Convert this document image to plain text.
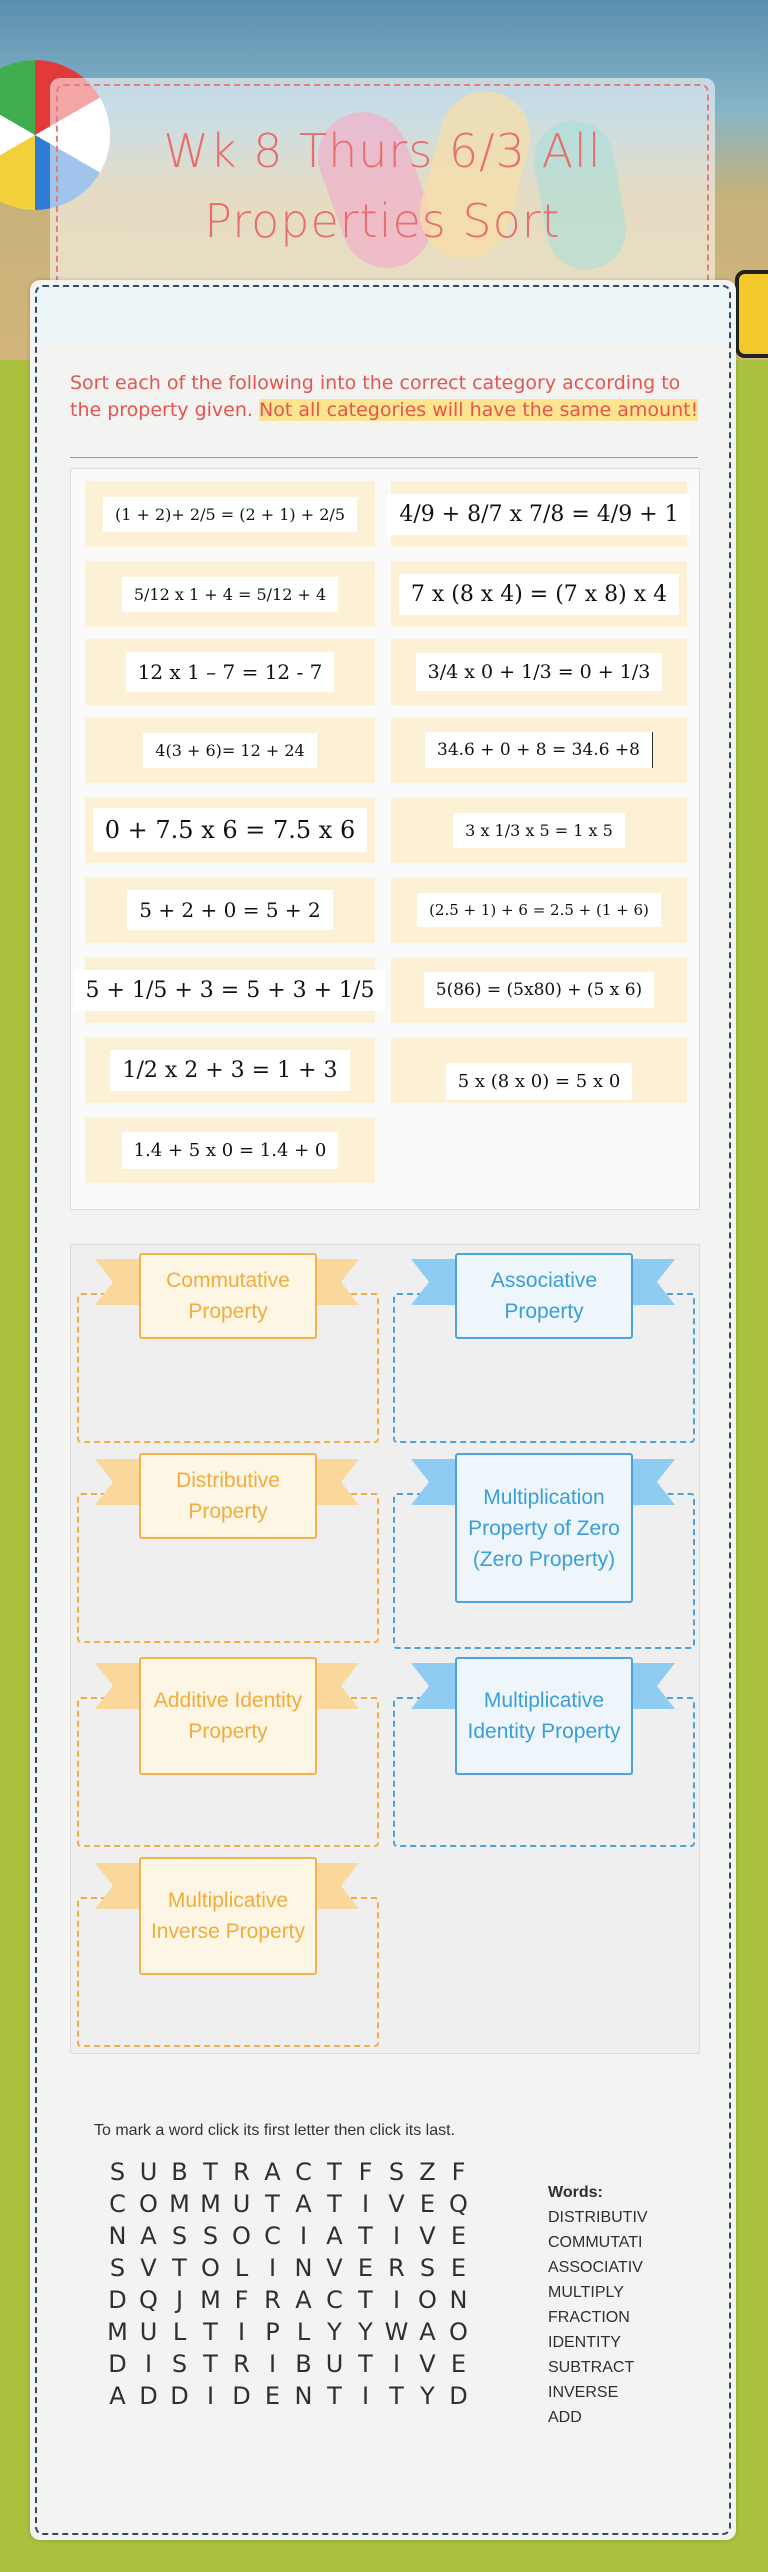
Wk 8 Thurs 6/3 All
Properties Sort
Sort each of the following into the correct category according to the property given. Not all categories will have the same amount!
(1 + 2)+ 2/5 = (2 + 1) + 2/5	4/9 + 8/7 x 7/8 = 4/9 + 1
5/12 x 1 + 4 = 5/12 + 4	7 x (8 x 4) = (7 x 8) x 4
12 x 1 – 7 = 12 - 7	3/4 x 0 + 1/3 = 0 + 1/3
4(3 + 6)= 12 + 24	34.6 + 0 + 8 = 34.6 +8
0 + 7.5 x 6 = 7.5 x 6	3 x 1/3 x 5 = 1 x 5
5 + 2 + 0 = 5 + 2	(2.5 + 1) + 6 = 2.5 + (1 + 6)
5 + 1/5 + 3 = 5 + 3 + 1/5	5(86) = (5x80) + (5 x 6)
1/2 x 2 + 3 = 1 + 3	5 x (8 x 0) = 5 x 0
1.4 + 5 x 0 = 1.4 + 0
Commutative Property
Associative Property
Distributive Property
Multiplication Property of Zero (Zero Property)
Additive Identity Property
Multiplicative Identity Property
Multiplicative Inverse Property
To mark a word click its first letter then click its last.
S U B T R A C T F S Z F
C O M M U T A T I V E Q
N A S S O C I A T I V E
S V T O L I N V E R S E
D Q J M F R A C T I O N
M U L T I P L Y Y W A O
D I S T R I B U T I V E
A D D I D E N T I T Y D
Words:
DISTRIBUTIV
COMMUTATI
ASSOCIATIV
MULTIPLY
FRACTION
IDENTITY
SUBTRACT
INVERSE
ADD
